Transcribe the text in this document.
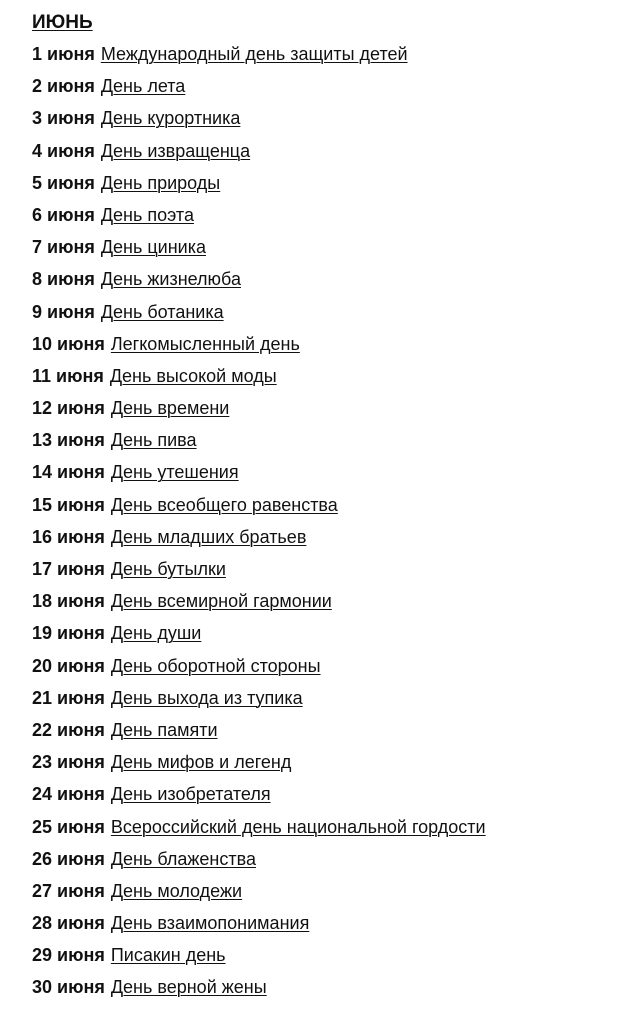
ИЮНЬ
1 июня Международный день защиты детей
2 июня День лета
3 июня День курортника
4 июня День извращенца
5 июня День природы
6 июня День поэта
7 июня День циника
8 июня День жизнелюба
9 июня День ботаника
10 июня Легкомысленный день
11 июня День высокой моды
12 июня День времени
13 июня День пива
14 июня День утешения
15 июня День всеобщего равенства
16 июня День младших братьев
17 июня День бутылки
18 июня День всемирной гармонии
19 июня День души
20 июня День оборотной стороны
21 июня День выхода из тупика
22 июня День памяти
23 июня День мифов и легенд
24 июня День изобретателя
25 июня Всероссийский день национальной гордости
26 июня День блаженства
27 июня День молодежи
28 июня День взаимопонимания
29 июня Писакин день
30 июня День верной жены
